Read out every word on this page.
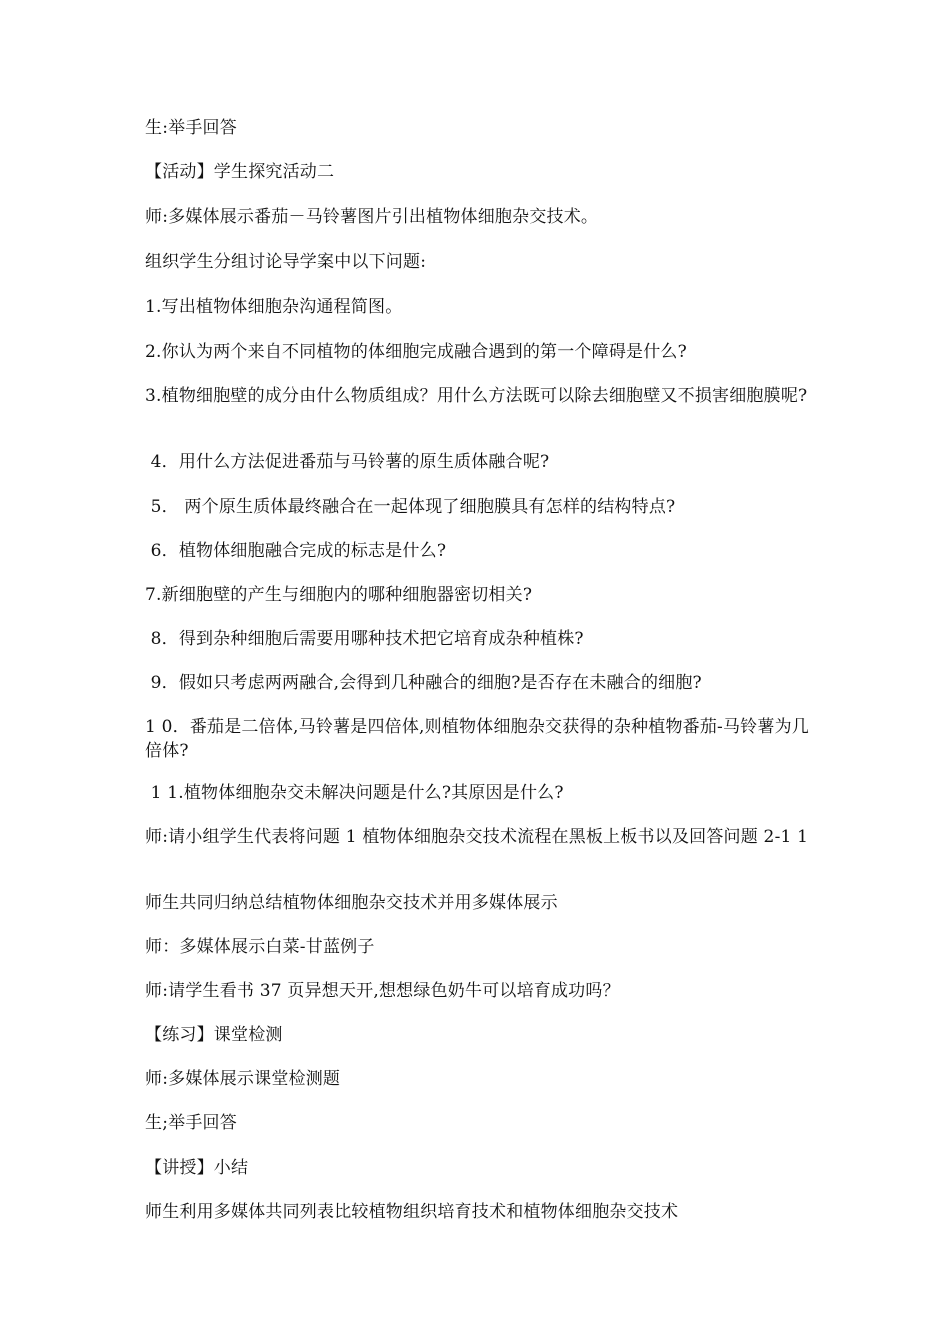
生:举手回答

【活动】学生探究活动二

师:多媒体展示番茄－马铃薯图片引出植物体细胞杂交技术。

组织学生分组讨论导学案中以下问题:

1.写出植物体细胞杂沟通程简图。

2.你认为两个来自不同植物的体细胞完成融合遇到的第一个障碍是什么?

3.植物细胞壁的成分由什么物质组成？用什么方法既可以除去细胞壁又不损害细胞膜呢?

4．用什么方法促进番茄与马铃薯的原生质体融合呢?

5． 两个原生质体最终融合在一起体现了细胞膜具有怎样的结构特点?

6．植物体细胞融合完成的标志是什么?

7.新细胞壁的产生与细胞内的哪种细胞器密切相关?

8．得到杂种细胞后需要用哪种技术把它培育成杂种植株?

9．假如只考虑两两融合,会得到几种融合的细胞?是否存在未融合的细胞?

1 0．番茄是二倍体,马铃薯是四倍体,则植物体细胞杂交获得的杂种植物番茄-马铃薯为几倍体?

1 1.植物体细胞杂交未解决问题是什么?其原因是什么?

师:请小组学生代表将问题 1 植物体细胞杂交技术流程在黑板上板书以及回答问题 2-1 1

师生共同归纳总结植物体细胞杂交技术并用多媒体展示

师：多媒体展示白菜-甘蓝例子

师:请学生看书 37 页异想天开,想想绿色奶牛可以培育成功吗？

【练习】课堂检测

师:多媒体展示课堂检测题

生;举手回答

【讲授】小结

师生利用多媒体共同列表比较植物组织培育技术和植物体细胞杂交技术
